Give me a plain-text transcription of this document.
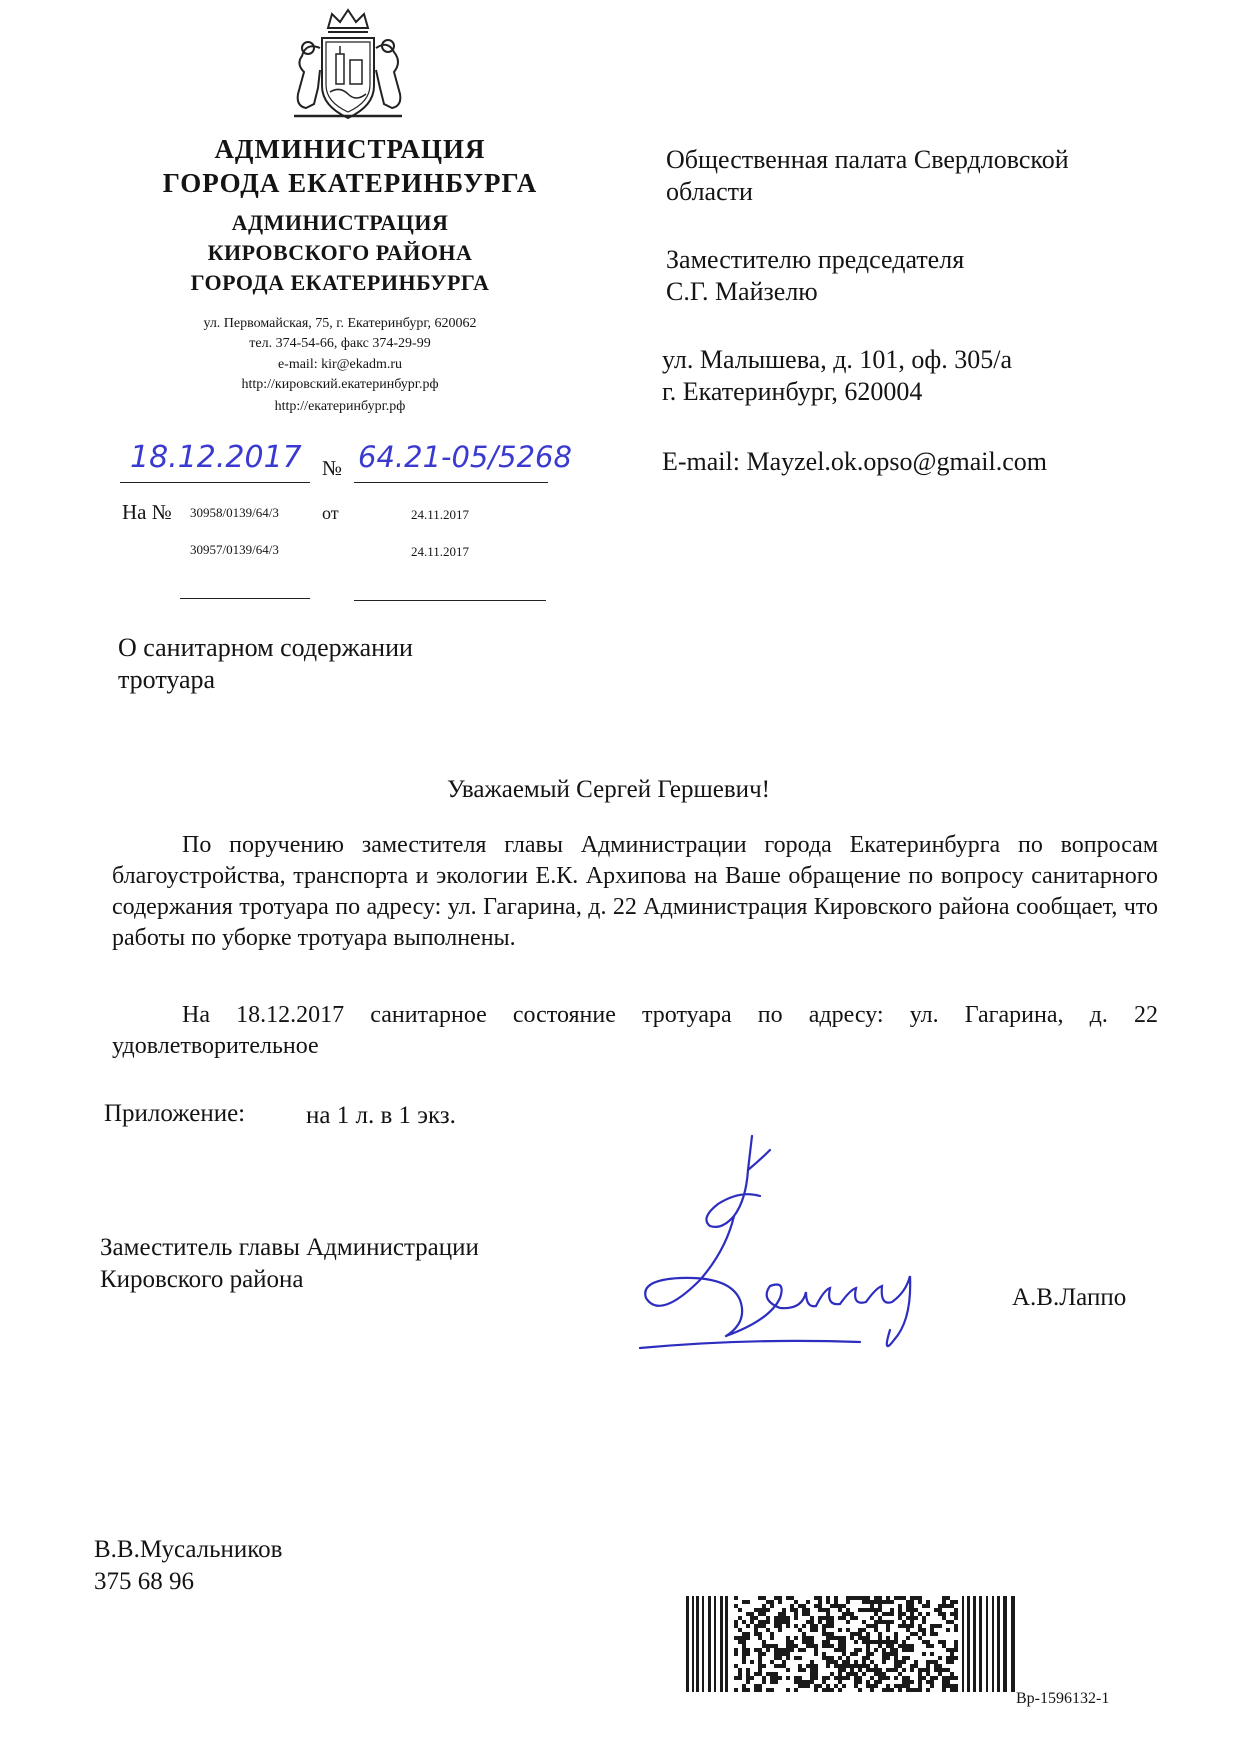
АДМИНИСТРАЦИЯ
ГОРОДА ЕКАТЕРИНБУРГА
АДМИНИСТРАЦИЯ
КИРОВСКОГО РАЙОНА
ГОРОДА ЕКАТЕРИНБУРГА
ул. Первомайская, 75, г. Екатеринбург, 620062
тел. 374-54-66, факс 374-29-99
e-mail: kir@ekadm.ru
http://кировский.екатеринбург.рф
http://екатеринбург.рф
18.12.2017 № 64.21-05/5268
На № 30958/0139/64/3 от	24.11.2017
30957/0139/64/3	24.11.2017
Общественная палата Свердловской
области
Заместителю председателя
С.Г. Майзелю
ул. Малышева, д. 101, оф. 305/а
г. Екатеринбург, 620004
E-mail: Mayzel.ok.opso@gmail.com
О санитарном содержании
тротуара
Уважаемый Сергей Гершевич!
По поручению заместителя главы Администрации города Екатеринбурга по вопросам благоустройства, транспорта и экологии Е.К. Архипова на Ваше обращение по вопросу санитарного содержания тротуара по адресу: ул. Гагарина, д. 22 Администрация Кировского района сообщает, что работы по уборке тротуара выполнены.
На 18.12.2017 санитарное состояние тротуара по адресу: ул. Гагарина, д. 22 удовлетворительное
Приложение: на 1 л. в 1 экз.
Заместитель главы Администрации
Кировского района
А.В.Лаппо
В.В.Мусальников
375 68 96
Вр-1596132-1
